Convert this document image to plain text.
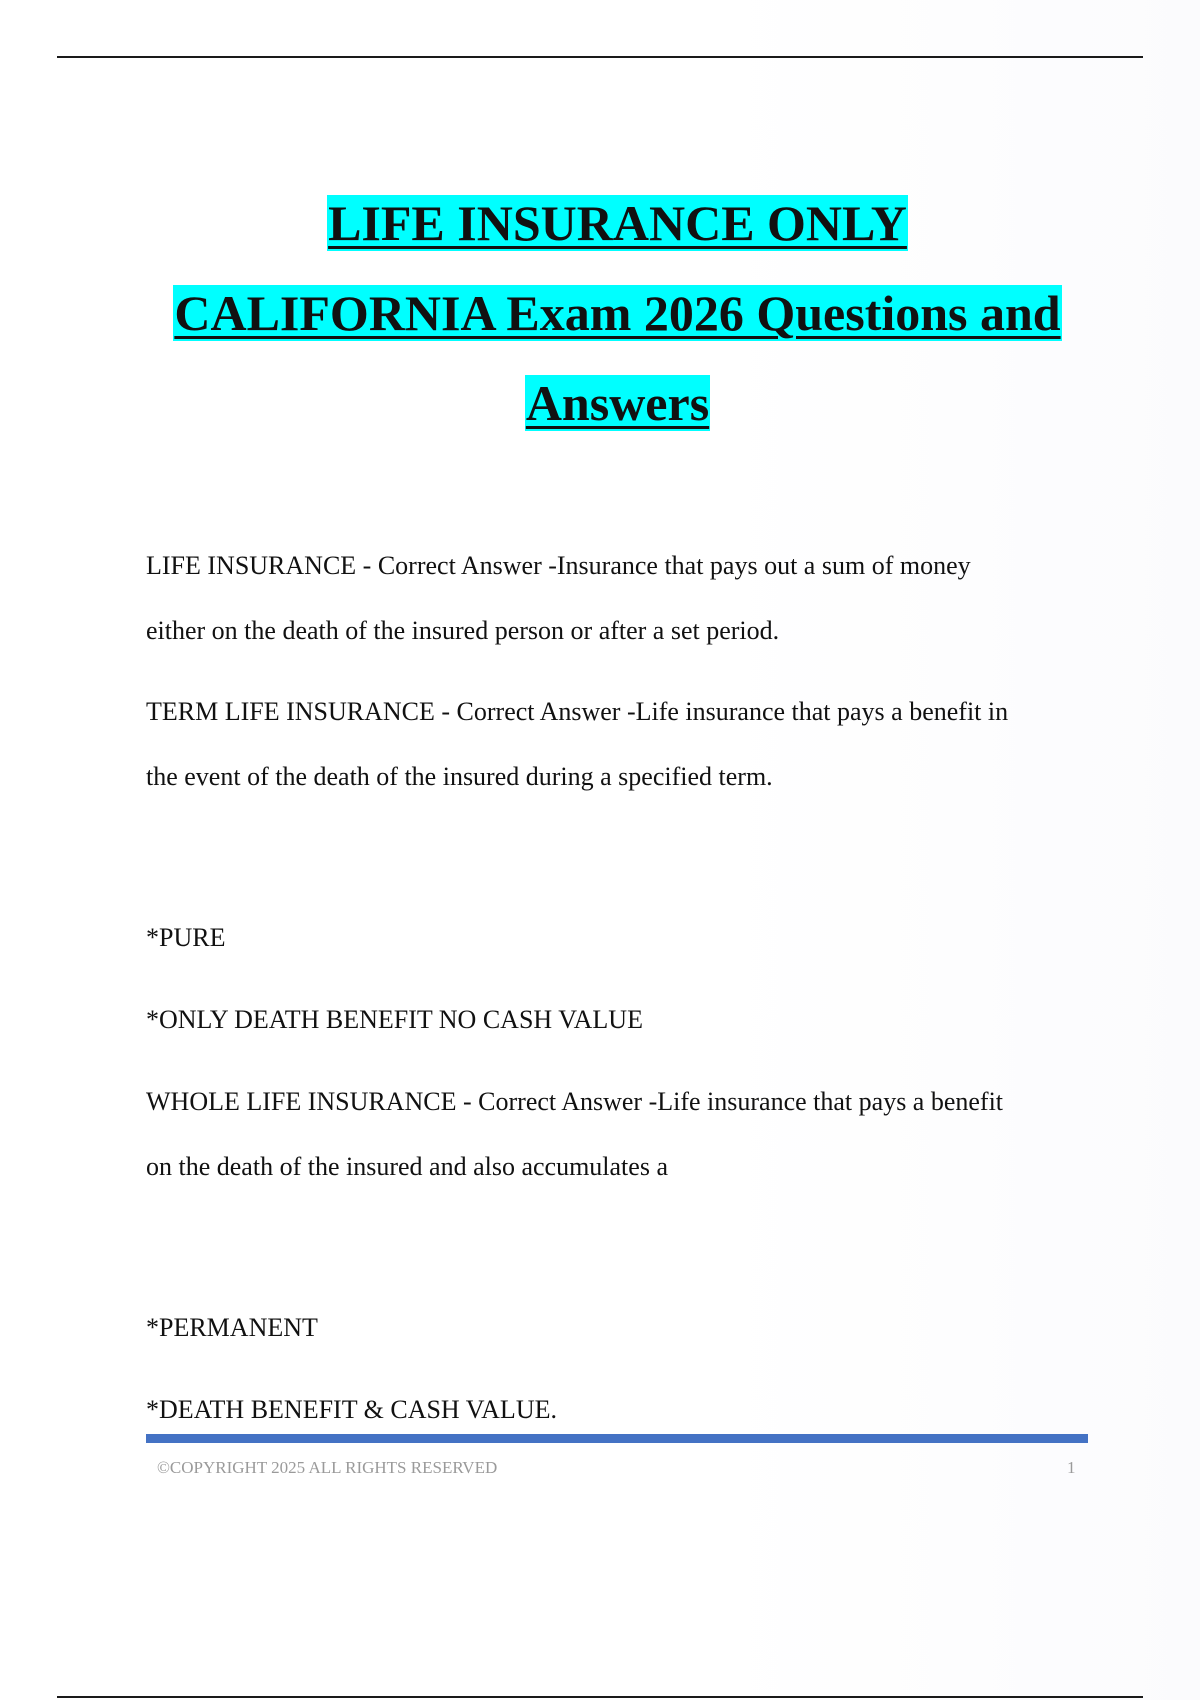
LIFE INSURANCE ONLY
CALIFORNIA Exam 2026 Questions and
Answers
LIFE INSURANCE - Correct Answer -Insurance that pays out a sum of money
either on the death of the insured person or after a set period.
TERM LIFE INSURANCE - Correct Answer -Life insurance that pays a benefit in
the event of the death of the insured during a specified term.
*PURE
*ONLY DEATH BENEFIT NO CASH VALUE
WHOLE LIFE INSURANCE - Correct Answer -Life insurance that pays a benefit
on the death of the insured and also accumulates a
*PERMANENT
*DEATH BENEFIT & CASH VALUE.
©COPYRIGHT 2025 ALL RIGHTS RESERVED	1
